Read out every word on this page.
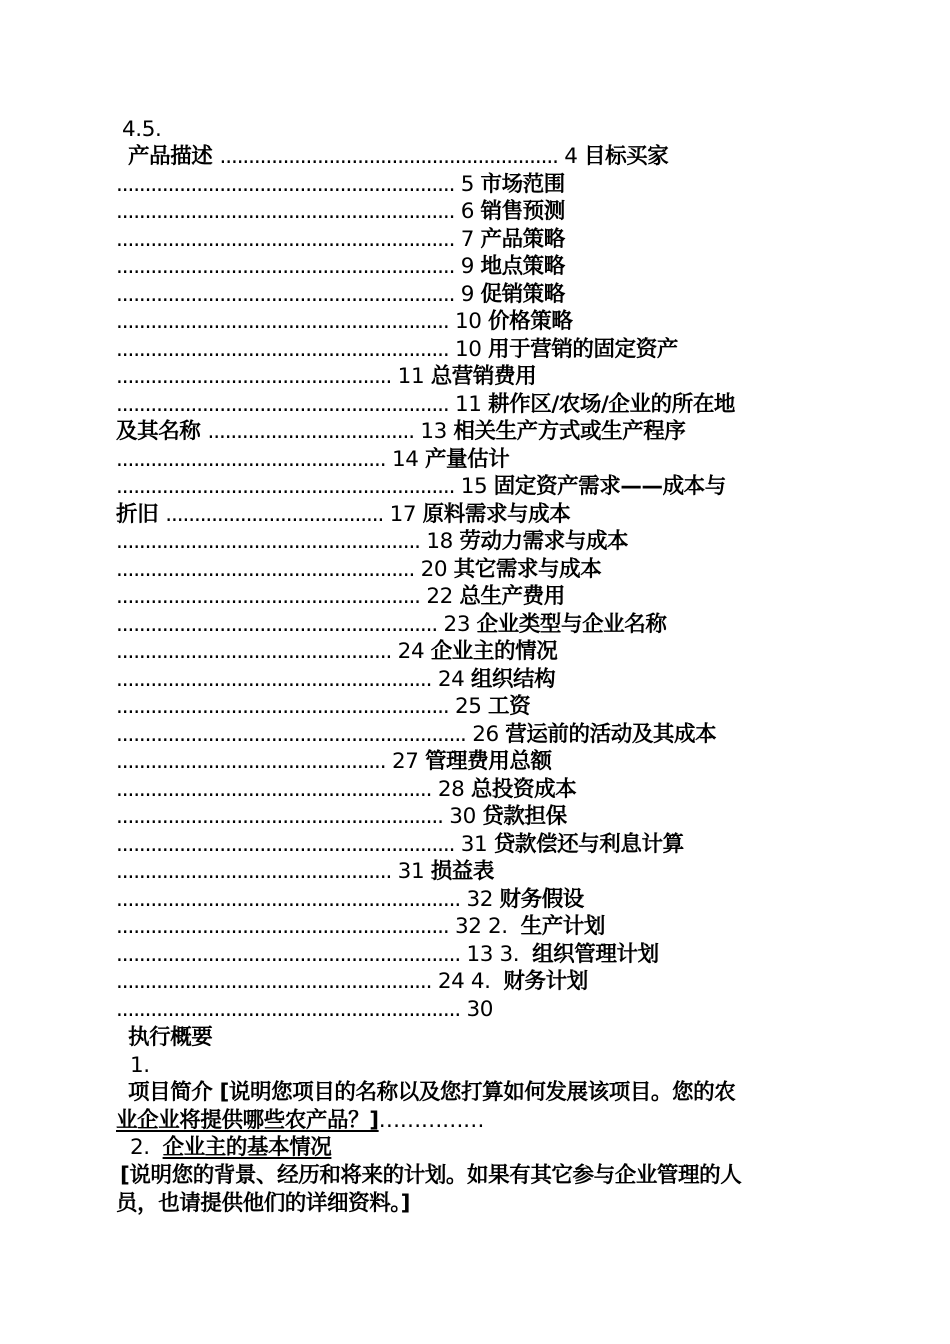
4.5.
产品描述 ........................................................... 4 目标买家
........................................................... 5 市场范围
........................................................... 6 销售预测
........................................................... 7 产品策略
........................................................... 9 地点策略
........................................................... 9 促销策略
.......................................................... 10 价格策略
.......................................................... 10 用于营销的固定资产
................................................ 11 总营销费用
.......................................................... 11 耕作区/农场/企业的所在地
及其名称 .................................... 13 相关生产方式或生产程序
............................................... 14 产量估计
........................................................... 15 固定资产需求——成本与
折旧 ...................................... 17 原料需求与成本
..................................................... 18 劳动力需求与成本
.................................................... 20 其它需求与成本
..................................................... 22 总生产费用
........................................................ 23 企业类型与企业名称
................................................ 24 企业主的情况
....................................................... 24 组织结构
.......................................................... 25 工资
............................................................. 26 营运前的活动及其成本
............................................... 27 管理费用总额
....................................................... 28 总投资成本
......................................................... 30 贷款担保
........................................................... 31 贷款偿还与利息计算
................................................ 31 损益表
............................................................ 32 财务假设
.......................................................... 32 2.  生产计划
............................................................ 13 3.  组织管理计划
....................................................... 24 4.  财务计划
............................................................ 30
执行概要
1.
项目简介 [说明您项目的名称以及您打算如何发展该项目。您的农
业企业将提供哪些农产品？]……………
2.  企业主的基本情况
[说明您的背景、经历和将来的计划。如果有其它参与企业管理的人
员，也请提供他们的详细资料。]
